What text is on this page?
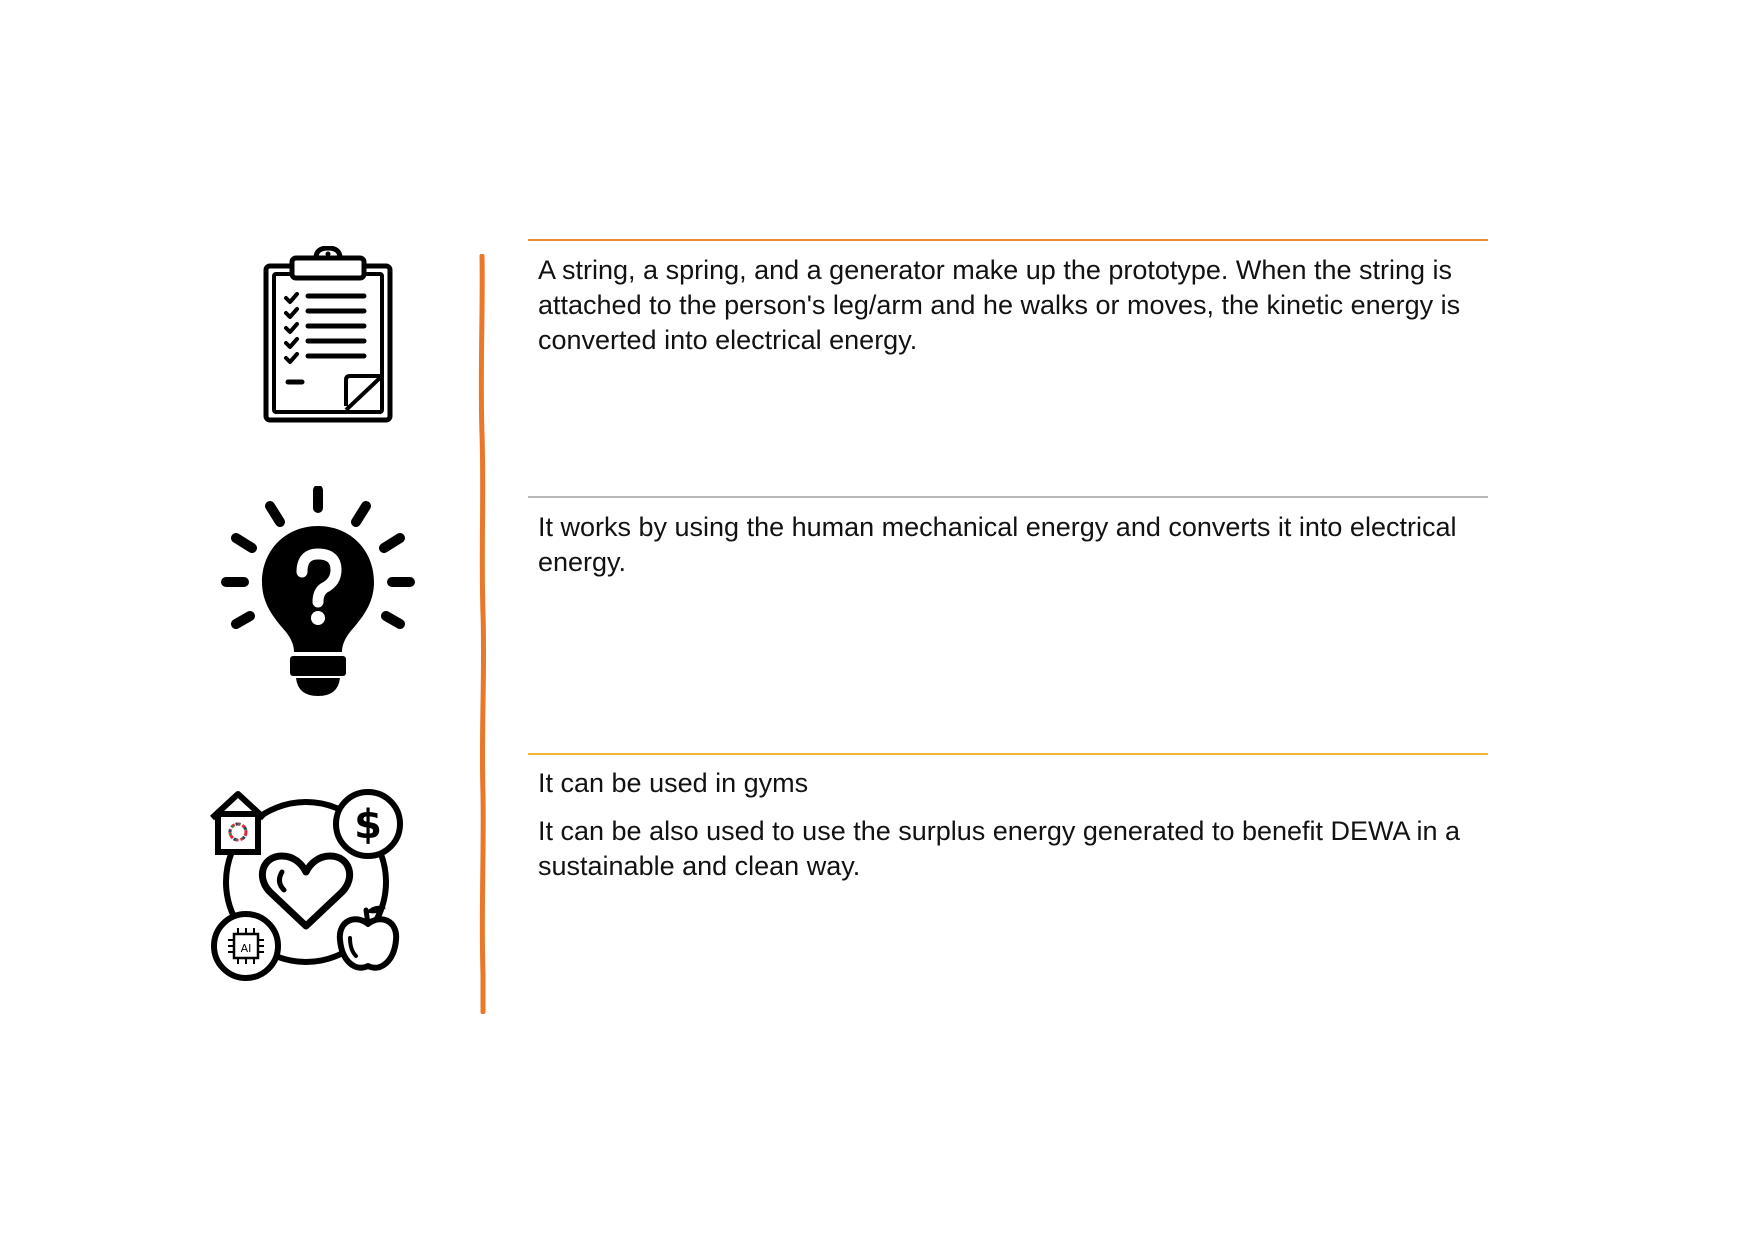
$
AI

A string, a spring, and a generator make up the prototype. When the string is attached to the person's leg/arm and he walks or moves, the kinetic energy is converted into electrical energy.

It works by using the human mechanical energy and converts it into electrical energy.

It can be used in gyms

It can be also used to use the surplus energy generated to benefit DEWA in a sustainable and clean way.
